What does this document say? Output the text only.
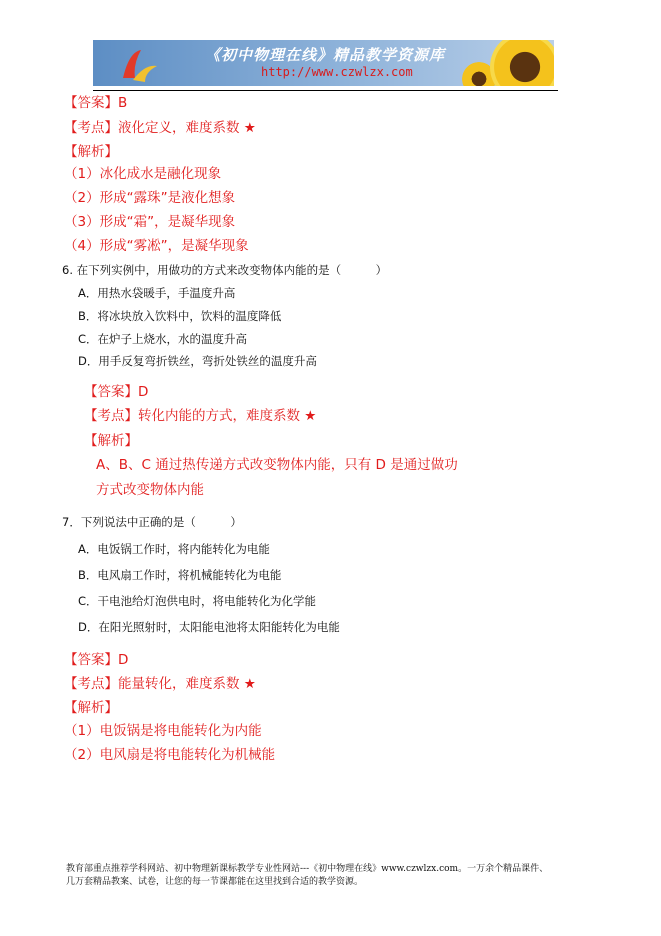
《初中物理在线》精品教学资源库
http://www.czwlzx.com
【答案】B
【考点】液化定义，难度系数 ★
【解析】
（1）冰化成水是融化现象
（2）形成“露珠”是液化想象
（3）形成“霜”，是凝华现象
（4）形成“雾凇”，是凝华现象
6. 在下列实例中，用做功的方式来改变物体内能的是（　　　）
A．用热水袋暖手，手温度升高
B．将冰块放入饮料中，饮料的温度降低
C．在炉子上烧水，水的温度升高
D．用手反复弯折铁丝，弯折处铁丝的温度升高
【答案】D
【考点】转化内能的方式，难度系数 ★
【解析】
A、B、C 通过热传递方式改变物体内能，只有 D 是通过做功
方式改变物体内能
7．下列说法中正确的是（　　　）
A．电饭锅工作时，将内能转化为电能
B．电风扇工作时，将机械能转化为电能
C．干电池给灯泡供电时，将电能转化为化学能
D．在阳光照射时，太阳能电池将太阳能转化为电能
【答案】D
【考点】能量转化，难度系数 ★
【解析】
（1）电饭锅是将电能转化为内能
（2）电风扇是将电能转化为机械能
教育部重点推荐学科网站、初中物理新课标教学专业性网站---《初中物理在线》www.czwlzx.com。一万余个精品课件、
几万套精品教案、试卷，让您的每一节课都能在这里找到合适的教学资源。
